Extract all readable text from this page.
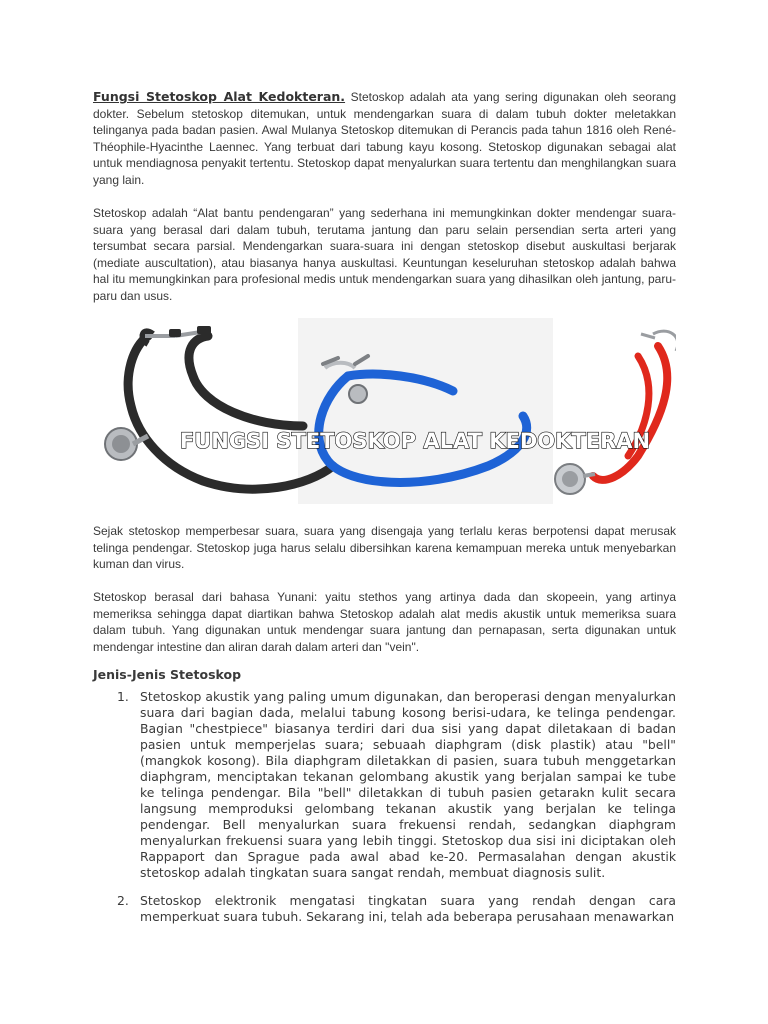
Fungsi Stetoskop Alat Kedokteran. Stetoskop adalah ata yang sering digunakan oleh seorang dokter. Sebelum stetoskop ditemukan, untuk mendengarkan suara di dalam tubuh dokter meletakkan telinganya pada badan pasien. Awal Mulanya Stetoskop ditemukan di Perancis pada tahun 1816 oleh René-Théophile-Hyacinthe Laennec. Yang terbuat dari tabung kayu kosong. Stetoskop digunakan sebagai alat untuk mendiagnosa penyakit tertentu. Stetoskop dapat menyalurkan suara tertentu dan menghilangkan suara yang lain.

Stetoskop adalah “Alat bantu pendengaran” yang sederhana ini memungkinkan dokter mendengar suara-suara yang berasal dari dalam tubuh, terutama jantung dan paru selain persendian serta arteri yang tersumbat secara parsial. Mendengarkan suara-suara ini dengan stetoskop disebut auskultasi berjarak (mediate auscultation), atau biasanya hanya auskultasi. Keuntungan keseluruhan stetoskop adalah bahwa hal itu memungkinkan para profesional medis untuk mendengarkan suara yang dihasilkan oleh jantung, paru-paru dan usus.

FUNGSI STETOSKOP ALAT KEDOKTERAN

Sejak stetoskop memperbesar suara, suara yang disengaja yang terlalu keras berpotensi dapat merusak telinga pendengar. Stetoskop juga harus selalu dibersihkan karena kemampuan mereka untuk menyebarkan kuman dan virus.

Stetoskop berasal dari bahasa Yunani: yaitu stethos yang artinya dada dan skopeein, yang artinya memeriksa sehingga dapat diartikan bahwa Stetoskop adalah alat medis akustik untuk memeriksa suara dalam tubuh. Yang digunakan untuk mendengar suara jantung dan pernapasan, serta digunakan untuk mendengar intestine dan aliran darah dalam arteri dan "vein".

Jenis-Jenis Stetoskop
1. Stetoskop akustik yang paling umum digunakan, dan beroperasi dengan menyalurkan suara dari bagian dada, melalui tabung kosong berisi-udara, ke telinga pendengar. Bagian "chestpiece" biasanya terdiri dari dua sisi yang dapat diletakaan di badan pasien untuk memperjelas suara; sebuaah diaphgram (disk plastik) atau "bell" (mangkok kosong). Bila diaphgram diletakkan di pasien, suara tubuh menggetarkan diaphgram, menciptakan tekanan gelombang akustik yang berjalan sampai ke tube ke telinga pendengar. Bila "bell" diletakkan di tubuh pasien getarakn kulit secara langsung memproduksi gelombang tekanan akustik yang berjalan ke telinga pendengar. Bell menyalurkan suara frekuensi rendah, sedangkan diaphgram menyalurkan frekuensi suara yang lebih tinggi. Stetoskop dua sisi ini diciptakan oleh Rappaport dan Sprague pada awal abad ke-20. Permasalahan dengan akustik stetoskop adalah tingkatan suara sangat rendah, membuat diagnosis sulit.
2. Stetoskop elektronik mengatasi tingkatan suara yang rendah dengan cara memperkuat suara tubuh. Sekarang ini, telah ada beberapa perusahaan menawarkan
